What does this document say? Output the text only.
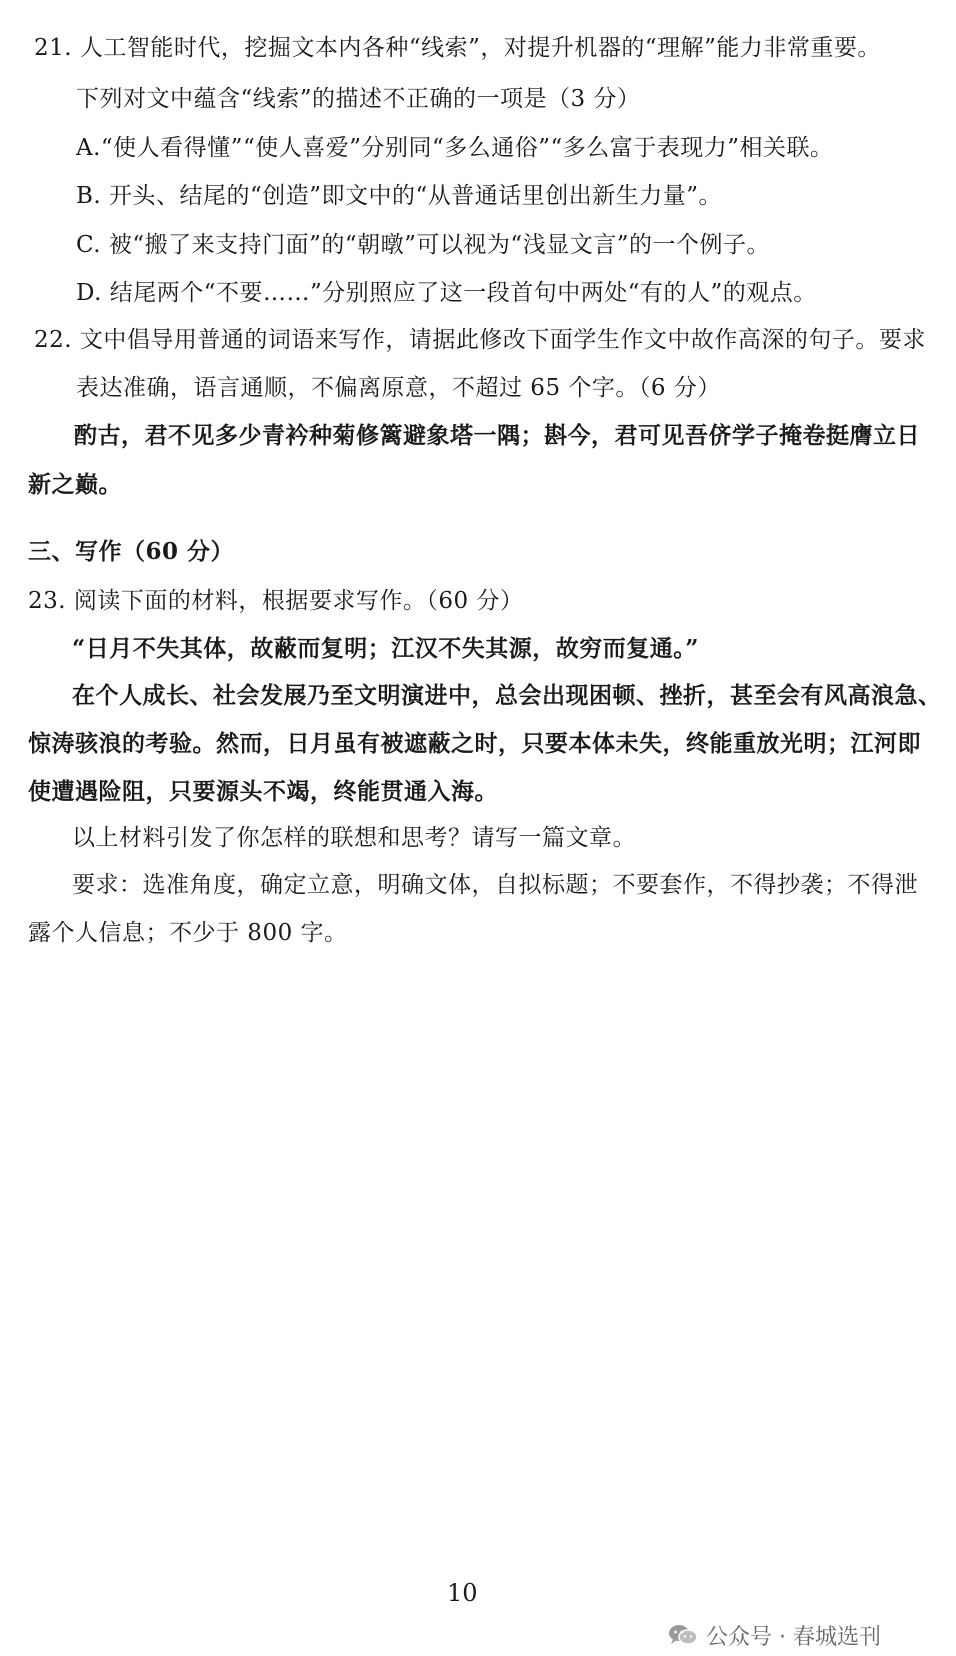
21. 人工智能时代，挖掘文本内各种“线索”，对提升机器的“理解”能力非常重要。
下列对文中蕴含“线索”的描述不正确的一项是（3 分）
A.“使人看得懂”“使人喜爱”分别同“多么通俗”“多么富于表现力”相关联。
B. 开头、结尾的“创造”即文中的“从普通话里创出新生力量”。
C. 被“搬了来支持门面”的“朝暾”可以视为“浅显文言”的一个例子。
D. 结尾两个“不要……”分别照应了这一段首句中两处“有的人”的观点。
22. 文中倡导用普通的词语来写作，请据此修改下面学生作文中故作高深的句子。要求
表达准确，语言通顺，不偏离原意，不超过 65 个字。（6 分）
酌古，君不见多少青衿种菊修篱避象塔一隅；斟今，君可见吾侪学子掩卷挺膺立日
新之巅。
三、写作（60 分）
23. 阅读下面的材料，根据要求写作。（60 分）
“日月不失其体，故蔽而复明；江汉不失其源，故穷而复通。”
在个人成长、社会发展乃至文明演进中，总会出现困顿、挫折，甚至会有风高浪急、
惊涛骇浪的考验。然而，日月虽有被遮蔽之时，只要本体未失，终能重放光明；江河即
使遭遇险阻，只要源头不竭，终能贯通入海。
以上材料引发了你怎样的联想和思考？请写一篇文章。
要求：选准角度，确定立意，明确文体，自拟标题；不要套作，不得抄袭；不得泄
露个人信息；不少于 800 字。
10
公众号 · 春城选刊
